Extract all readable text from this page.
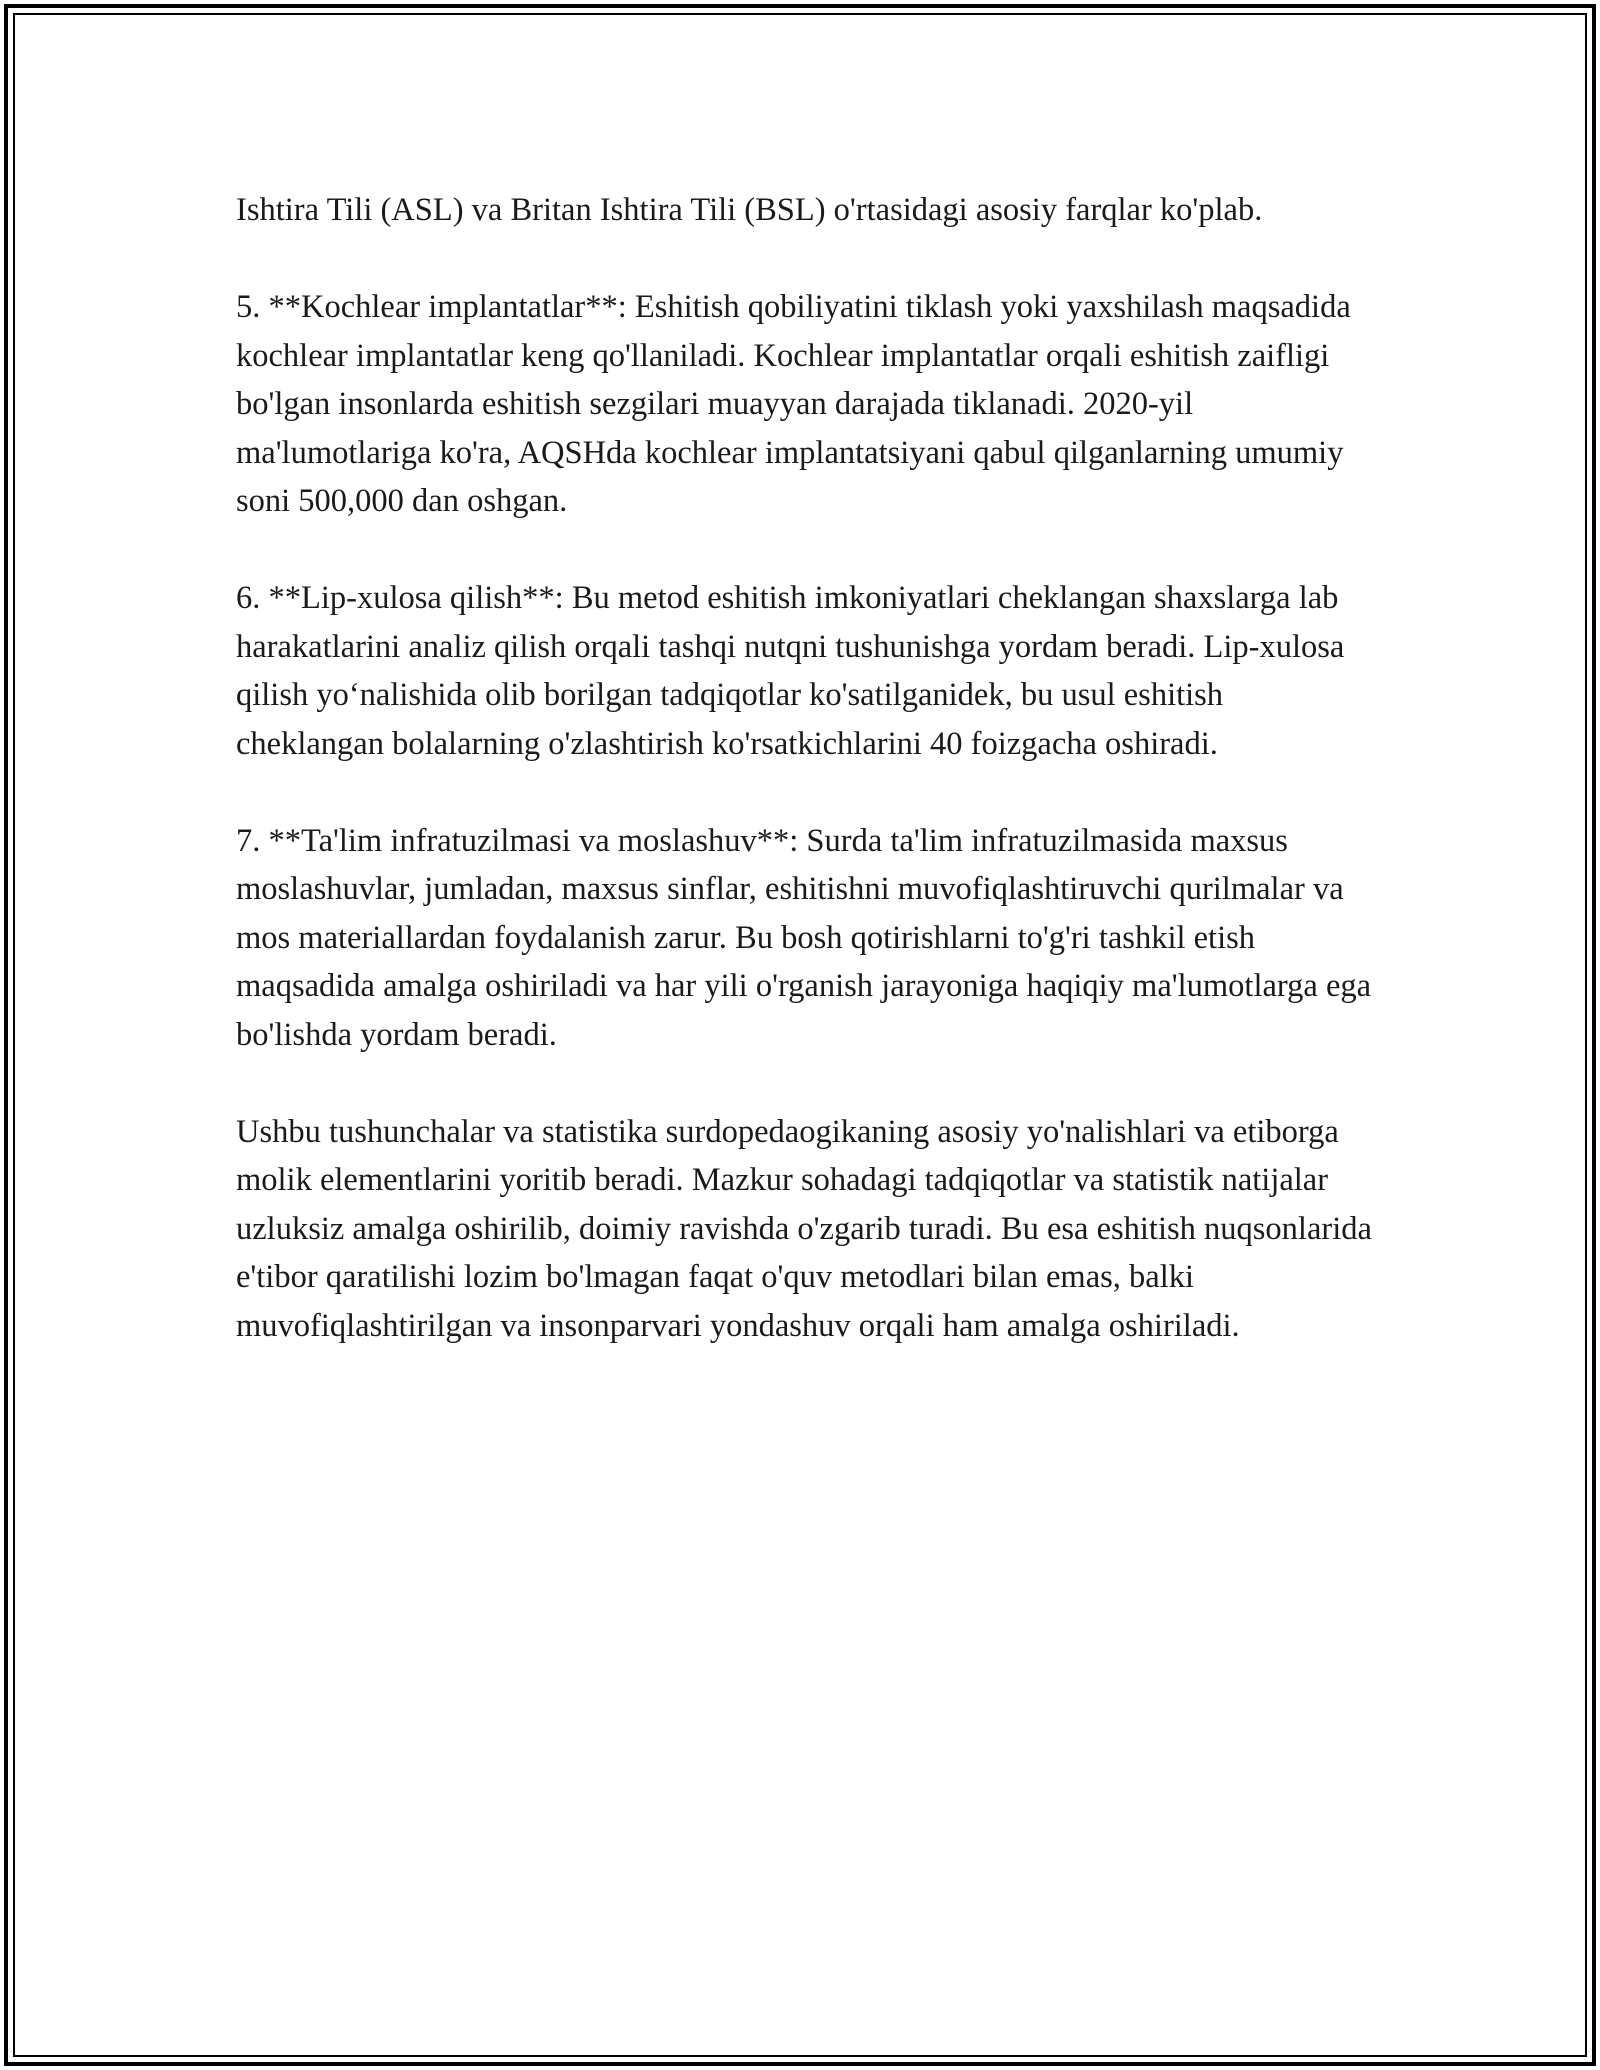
Ishtira Tili (ASL) va Britan Ishtira Tili (BSL) o'rtasidagi asosiy farqlar ko'plab.

5. **Kochlear implantatlar**: Eshitish qobiliyatini tiklash yoki yaxshilash maqsadida kochlear implantatlar keng qo'llaniladi. Kochlear implantatlar orqali eshitish zaifligi bo'lgan insonlarda eshitish sezgilari muayyan darajada tiklanadi. 2020-yil ma'lumotlariga ko'ra, AQSHda kochlear implantatsiyani qabul qilganlarning umumiy soni 500,000 dan oshgan.

6. **Lip-xulosa qilish**: Bu metod eshitish imkoniyatlari cheklangan shaxslarga lab harakatlarini analiz qilish orqali tashqi nutqni tushunishga yordam beradi. Lip-xulosa qilish yo‘nalishida olib borilgan tadqiqotlar ko'satilganidek, bu usul eshitish cheklangan bolalarning o'zlashtirish ko'rsatkichlarini 40 foizgacha oshiradi.

7. **Ta'lim infratuzilmasi va moslashuv**: Surda ta'lim infratuzilmasida maxsus moslashuvlar, jumladan, maxsus sinflar, eshitishni muvofiqlashtiruvchi qurilmalar va mos materiallardan foydalanish zarur. Bu bosh qotirishlarni to'g'ri tashkil etish maqsadida amalga oshiriladi va har yili o'rganish jarayoniga haqiqiy ma'lumotlarga ega bo'lishda yordam beradi.

Ushbu tushunchalar va statistika surdopedaogikaning asosiy yo'nalishlari va etiborga molik elementlarini yoritib beradi. Mazkur sohadagi tadqiqotlar va statistik natijalar uzluksiz amalga oshirilib, doimiy ravishda o'zgarib turadi. Bu esa eshitish nuqsonlarida e'tibor qaratilishi lozim bo'lmagan faqat o'quv metodlari bilan emas, balki muvofiqlashtirilgan va insonparvari yondashuv orqali ham amalga oshiriladi.
